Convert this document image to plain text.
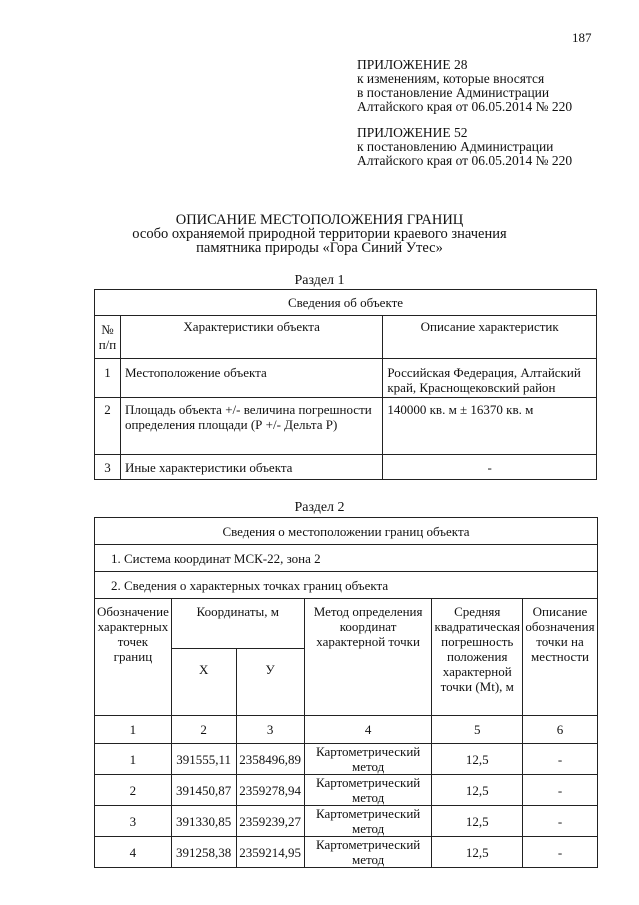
187
ПРИЛОЖЕНИЕ 28
к изменениям, которые вносятся
в постановление Администрации
Алтайского края от 06.05.2014 № 220
ПРИЛОЖЕНИЕ 52
к постановлению Администрации
Алтайского края от 06.05.2014 № 220
ОПИСАНИЕ МЕСТОПОЛОЖЕНИЯ ГРАНИЦ
особо охраняемой природной территории краевого значения
памятника природы «Гора Синий Утес»
Раздел 1
Сведения об объекте		
№ п/п	Характеристики объекта	Описание характеристик
1	Местоположение объекта	Российская Федерация, Алтайский край, Краснощековский район
2	Площадь объекта +/- величина погрешности определения площади (Р +/- Дельта Р)	140000 кв. м ± 16370 кв. м
3	Иные характеристики объекта	-
Раздел 2
Сведения о местоположении границ объекта					
1. Система координат МСК-22, зона 2					
2. Сведения о характерных точках границ объекта					
Обозначение характерных точек границ	Координаты, м		Метод определения координат характерной точки	Средняя квадратическая погрешность положения характерной точки (Mt), м	Описание обозначения точки на местности
	X	У			
1	2	3	4	5	6
1	391555,11	2358496,89	Картометрический метод	12,5	-
2	391450,87	2359278,94	Картометрический метод	12,5	-
3	391330,85	2359239,27	Картометрический метод	12,5	-
4	391258,38	2359214,95	Картометрический метод	12,5	-
